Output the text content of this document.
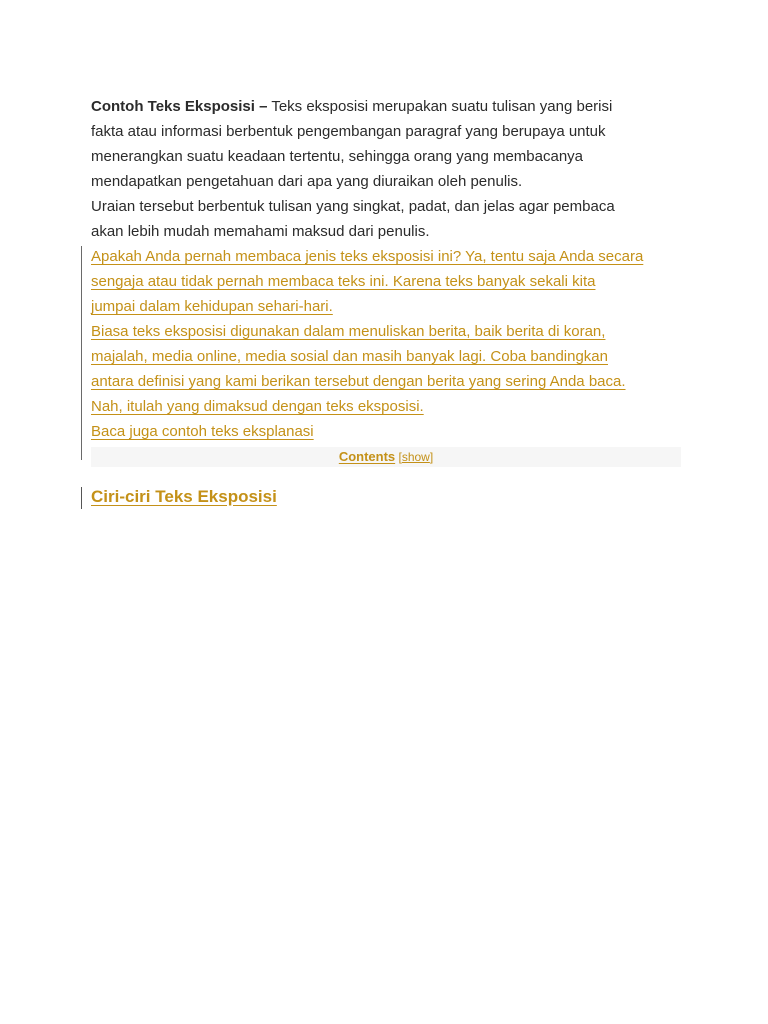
Contoh Teks Eksposisi – Teks eksposisi merupakan suatu tulisan yang berisi
fakta atau informasi berbentuk pengembangan paragraf yang berupaya untuk
menerangkan suatu keadaan tertentu, sehingga orang yang membacanya
mendapatkan pengetahuan dari apa yang diuraikan oleh penulis.
Uraian tersebut berbentuk tulisan yang singkat, padat, dan jelas agar pembaca
akan lebih mudah memahami maksud dari penulis.

Apakah Anda pernah membaca jenis teks eksposisi ini? Ya, tentu saja Anda secara
sengaja atau tidak pernah membaca teks ini. Karena teks banyak sekali kita
jumpai dalam kehidupan sehari-hari.
Biasa teks eksposisi digunakan dalam menuliskan berita, baik berita di koran,
majalah, media online, media sosial dan masih banyak lagi. Coba bandingkan
antara definisi yang kami berikan tersebut dengan berita yang sering Anda baca.
Nah, itulah yang dimaksud dengan teks eksposisi.
Baca juga contoh teks eksplanasi
Contents [show]
Ciri-ciri Teks Eksposisi
